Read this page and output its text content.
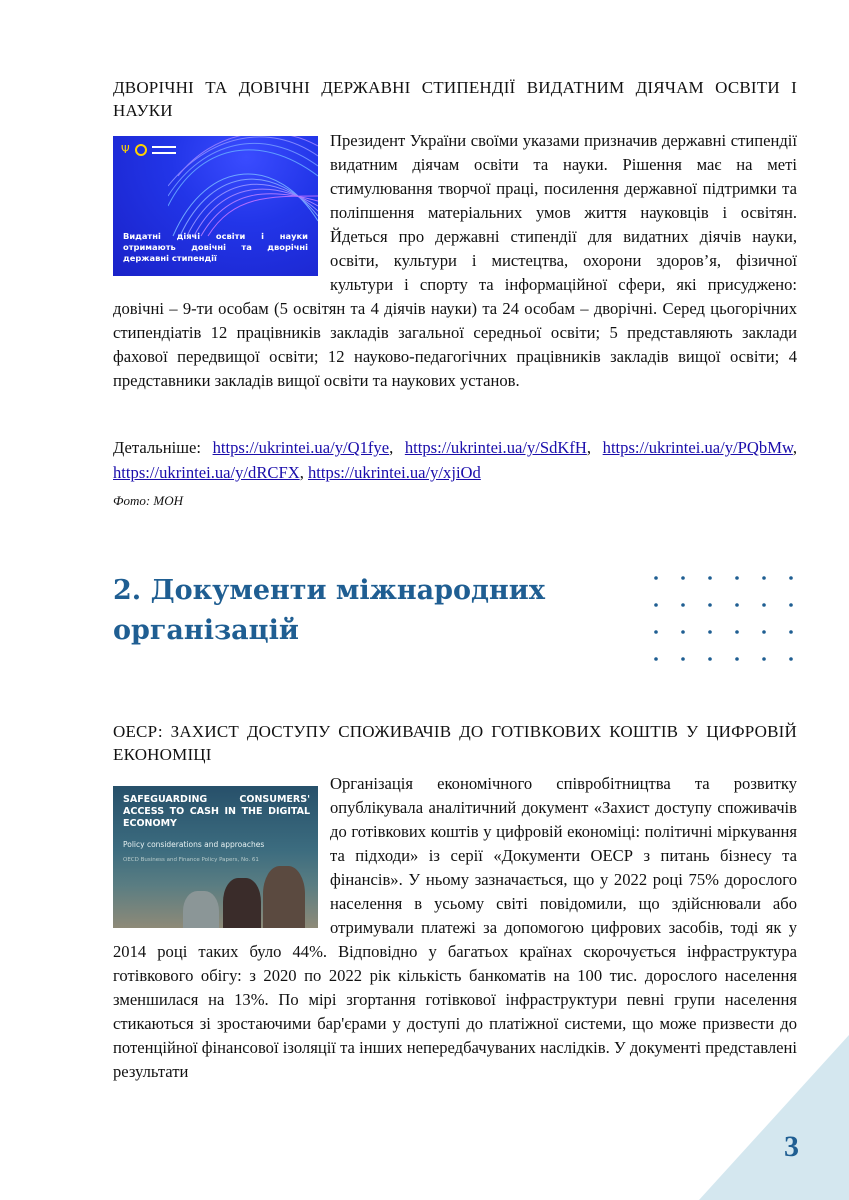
ДВОРІЧНІ ТА ДОВІЧНІ ДЕРЖАВНІ СТИПЕНДІЇ ВИДАТНИМ ДІЯЧАМ ОСВІТИ І НАУКИ
Ψ
Видатні діячі освіти і науки отримають довічні та дворічні державні стипендії
Президент України своїми указами призначив державні стипендії видатним діячам освіти та науки. Рішення має на меті стимулювання творчої праці, посилення державної підтримки та поліпшення матеріальних умов життя науковців і освітян. Йдеться про державні стипендії для видатних діячів науки, освіти, культури і мистецтва, охорони здоров’я, фізичної культури і спорту та інформаційної сфери, які присуджено: довічні – 9-ти особам (5 освітян та 4 діячів науки) та 24 особам – дворічні. Серед цьогорічних стипендіатів 12 працівників закладів загальної середньої освіти; 5 представляють заклади фахової передвищої освіти; 12 науково-педагогічних працівників закладів вищої освіти; 4 представники закладів вищої освіти та наукових установ.
Детальніше: https://ukrintei.ua/y/Q1fye, https://ukrintei.ua/y/SdKfH, https://ukrintei.ua/y/PQbMw, https://ukrintei.ua/y/dRCFX, https://ukrintei.ua/y/xjiOd
Фото: МОН
2. Документи міжнародних організацій
ОЕСР: ЗАХИСТ ДОСТУПУ СПОЖИВАЧІВ ДО ГОТІВКОВИХ КОШТІВ У ЦИФРОВІЙ ЕКОНОМІЦІ
SAFEGUARDING CONSUMERS' ACCESS TO CASH IN THE DIGITAL ECONOMY
Policy considerations and approaches
OECD Business and Finance Policy Papers, No. 61
Організація економічного співробітництва та розвитку опублікувала аналітичний документ «Захист доступу споживачів до готівкових коштів у цифровій економіці: політичні міркування та підходи» із серії «Документи ОЕСР з питань бізнесу та фінансів». У ньому зазначається, що у 2022 році 75% дорослого населення в усьому світі повідомили, що здійснювали або отримували платежі за допомогою цифрових засобів, тоді як у 2014 році таких було 44%. Відповідно у багатьох країнах скорочується інфраструктура готівкового обігу: з 2020 по 2022 рік кількість банкоматів на 100 тис. дорослого населення зменшилася на 13%. По мірі згортання готівкової інфраструктури певні групи населення стикаються зі зростаючими бар'єрами у доступі до платіжної системи, що може призвести до потенційної фінансової ізоляції та інших непередбачуваних наслідків. У документі представлені результати
3
